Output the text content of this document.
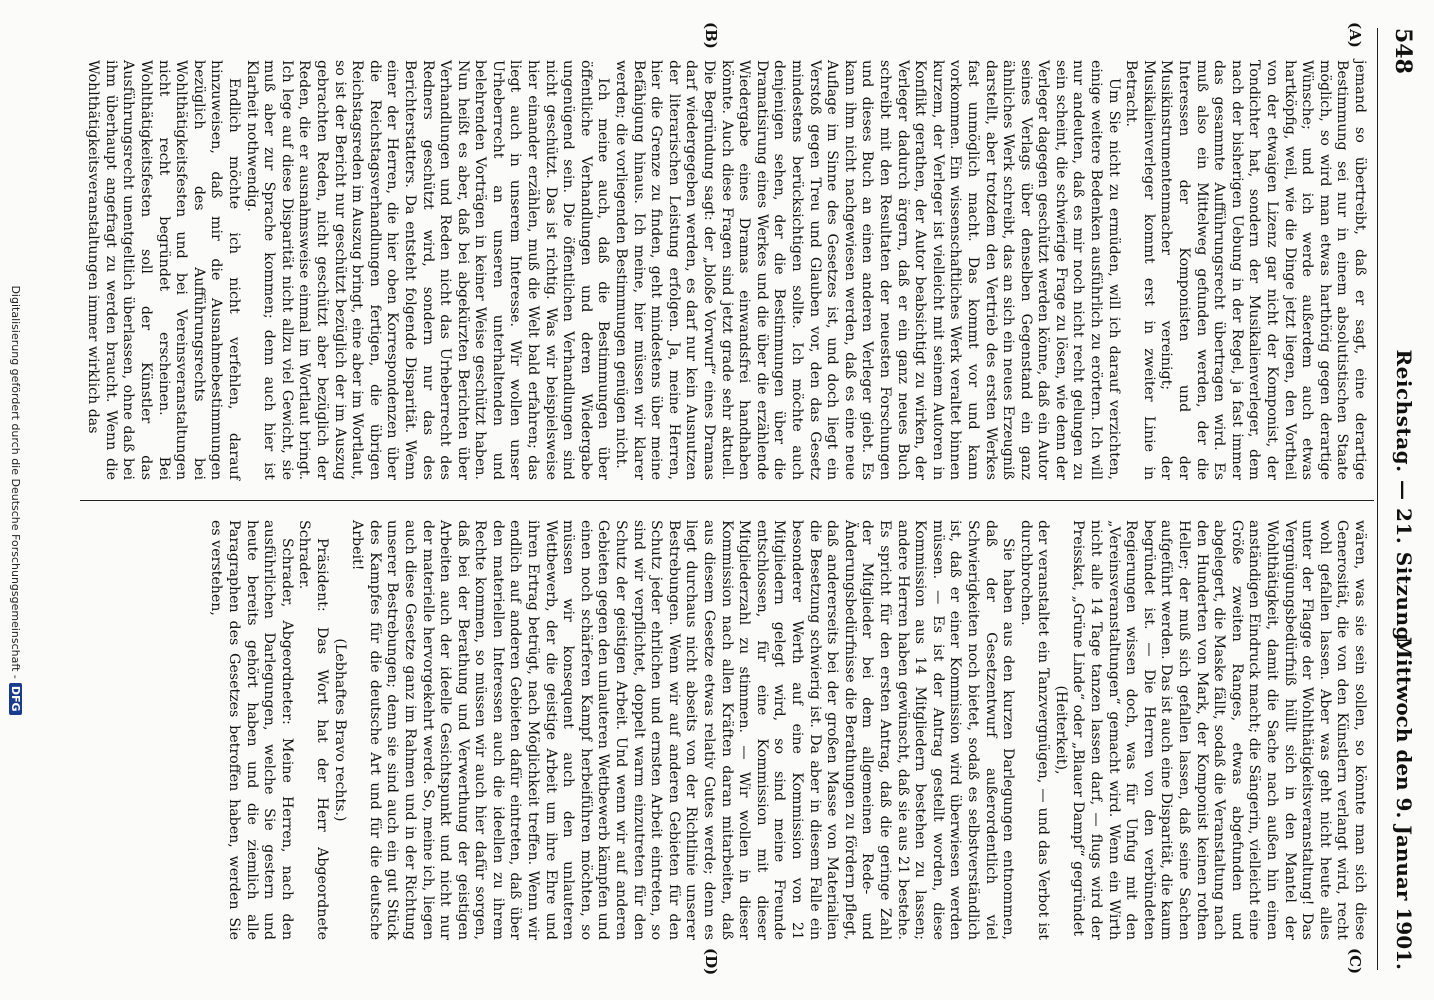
548
Reichstag. — 21. Sitzung.
Mittwoch den 9. Januar 1901.
(A)
(B)
(C)
(D)

jemand so übertreibt, daß er sagt, eine derartige Bestimmung sei nur in einem absolutistischen Staate möglich, so wird man etwas harthörig gegen derartige Wünsche; und ich werde außerdem auch etwas hartköpfig, weil, wie die Dinge jetzt liegen, den Vortheil von der etwaigen Lizenz gar nicht der Komponist, der Tondichter hat, sondern der Musikalienverleger, dem nach der bisherigen Uebung in der Regel, ja fast immer das gesammte Aufführungsrecht übertragen wird. Es muß also ein Mittelweg gefunden werden, der die Interessen der Komponisten und der Musikinstrumentenmacher vereinigt; der Musikalienverleger kommt erst in zweiter Linie in Betracht.

Um Sie nicht zu ermüden, will ich darauf verzichten, einige weitere Bedenken ausführlich zu erörtern. Ich will nur andeuten, daß es mir noch nicht recht gelungen zu sein scheint, die schwierige Frage zu lösen, wie denn der Verleger dagegen geschützt werden könne, daß ein Autor seines Verlags über denselben Gegenstand ein ganz ähnliches Werk schreibt, das an sich ein neues Erzeugniß darstellt, aber trotzdem den Vertrieb des ersten Werkes fast unmöglich macht. Das kommt vor und kann vorkommen. Ein wissenschaftliches Werk veraltet binnen kurzem, der Verleger ist vielleicht mit seinem Autoren in Konflikt gerathen, der Autor beabsichtigt zu wirken, der Verleger dadurch ärgern, daß er ein ganz neues Buch schreibt mit den Resultaten der neuesten Forschungen und dieses Buch an einen anderen Verleger giebt. Es kann ihm nicht nachgewiesen werden, daß es eine neue Auflage im Sinne des Gesetzes ist, und doch liegt ein Verstoß gegen Treu und Glauben vor, den das Gesetz mindestens berücksichtigen sollte. Ich möchte auch denjenigen sehen, der die Bestimmungen über die Dramatisirung eines Werkes und die über die erzählende Wiedergabe eines Dramas einwandsfrei handhaben könnte. Auch diese Fragen sind jetzt grade sehr aktuell. Die Begründung sagt: der „bloße Vorwurf“ eines Dramas darf wiedergegeben werden, es darf nur kein Ausnutzen der literarischen Leistung erfolgen. Ja, meine Herren, hier die Grenze zu finden, geht mindestens über meine Befähigung hinaus. Ich meine, hier müssen wir klarer werden; die vorliegenden Bestimmungen genügen nicht.

Ich meine auch, daß die Bestimmungen über öffentliche Verhandlungen und deren Wiedergabe ungenügend sein. Die öffentlichen Verhandlungen sind nicht geschützt. Das ist richtig. Was wir beispielsweise hier einander erzählen, muß die Welt bald erfahren; das liegt auch in unserem Interesse. Wir wollen unser Urheberrecht an unseren unterhaltenden und belehrenden Vorträgen in keiner Weise geschützt haben. Nun heißt es aber, daß bei abgekürzten Berichten über Verhandlungen und Reden nicht das Urheberrecht des Redners geschützt wird, sondern nur das des Berichterstatters. Da entsteht folgende Disparität. Wenn einer der Herren, die hier oben Korrespondenzen über die Reichstagsverhandlungen fertigen, die übrigen Reichstagsreden im Auszug bringt, eine aber im Wortlaut, so ist der Bericht nur geschützt bezüglich der im Auszug gebrachten Reden, nicht geschützt aber bezüglich der Reden, die er ausnahmsweise einmal im Wortlaut bringt. Ich lege auf diese Disparität nicht allzu viel Gewicht, sie muß aber zur Sprache kommen; denn auch hier ist Klarheit nothwendig.

Endlich möchte ich nicht verfehlen, darauf hinzuweisen, daß mir die Ausnahmebestimmungen bezüglich des Aufführungsrechts bei Wohlthätigkeitsfesten und bei Vereinsveranstaltungen nicht recht begründet erscheinen. Bei Wohlthätigkeitsfesten soll der Künstler das Ausführungsrecht unentgeltlich überlassen, ohne daß bei ihm überhaupt angefragt zu werden braucht. Wenn die Wohlthätigkeitsveranstaltungen immer wirklich das

wären, was sie sein sollen, so könnte man sich diese Generosität, die von den Künstlern verlangt wird, recht wohl gefallen lassen. Aber was geht nicht heute alles unter der Flagge der Wohlthätigkeitsveranstaltung! Das Vergnügungsbedürfniß hüllt sich in den Mantel der Wohlthätigkeit, damit die Sache nach außen hin einen anständigen Eindruck macht; die Sängerin, vielleicht eine Größe zweiten Ranges, etwas abgefunden und abgelegert, die Maske fällt, sodaß die Veranstaltung nach den Hunderten von Mark, der Komponist keinen rothen Heller; der muß sich gefallen lassen, daß seine Sachen aufgeführt werden. Das ist auch eine Disparität, die kaum begründet ist. — Die Herren von den verbündeten Regierungen wissen doch, was für Unfug mit den „Vereinsveranstaltungen“ gemacht wird. Wenn ein Wirth nicht alle 14 Tage tanzen lassen darf, — flugs wird der Preisskat, „Grüne Linde“ oder „Blauer Dampf“ gegründet

(Heiterkeit),

der veranstaltet ein Tanzvergnügen, — und das Verbot ist durchbrochen.

Sie haben aus den kurzen Darlegungen entnommen, daß der Gesetzentwurf außerordentlich viel Schwierigkeiten noch bietet, sodaß es selbstverständlich ist, daß er einer Kommission wird überwiesen werden müssen. — Es ist der Antrag gestellt worden, diese Kommission aus 14 Mitgliedern bestehen zu lassen; andere Herren haben gewünscht, daß sie aus 21 bestehe. Es spricht für den ersten Antrag, daß die geringe Zahl der Mitglieder bei dem allgemeinen Rede- und Änderungsbedürfnisse die Berathungen zu fördern pflegt, daß andererseits bei der großen Masse von Materialien die Besetzung schwierig ist. Da aber in diesem Falle ein besonderer Werth auf eine Kommission von 21 Mitgliedern gelegt wird, so sind meine Freunde entschlossen, für eine Kommission mit dieser Mitgliederzahl zu stimmen. — Wir wollen in dieser Kommission nach allen Kräften daran mitarbeiten, daß aus diesem Gesetze etwas relativ Gutes werde; denn es liegt durchaus nicht abseits von der Richtlinie unserer Bestrebungen. Wenn wir auf anderen Gebieten für den Schutz jeder ehrlichen und ernsten Arbeit eintreten, so sind wir verpflichtet, doppelt warm einzutreten für den Schutz der geistigen Arbeit. Und wenn wir auf anderen Gebieten gegen den unlauteren Wettbewerb kämpfen und einen noch schärferen Kampf herbeiführen möchten, so müssen wir konsequent auch den unlauteren Wettbewerb, der die geistige Arbeit um ihre Ehre und ihren Ertrag betrügt, nach Möglichkeit treffen. Wenn wir endlich auf anderen Gebieten dafür eintreten, daß über den materiellen Interessen auch die ideellen zu ihrem Rechte kommen, so müssen wir auch hier dafür sorgen, daß bei der Berathung und Verwerthung der geistigen Arbeiten auch der ideelle Gesichtspunkt und nicht nur der materielle hervorgekehrt werde. So, meine ich, liegen auch diese Gesetze ganz im Rahmen und in der Richtung unserer Bestrebungen; denn sie sind auch ein gut Stück des Kampfes für die deutsche Art und für die deutsche Arbeit!

(Lebhaftes Bravo rechts.)

Präsident: Das Wort hat der Herr Abgeordnete Schrader.

Schrader, Abgeordneter: Meine Herren, nach den ausführlichen Darlegungen, welche Sie gestern und heute bereits gehört haben und die ziemlich alle Paragraphen des Gesetzes betroffen haben, werden Sie es verstehen,

Digitalisierung gefördert durch die Deutsche Forschungsgemeinschaft -DFG
